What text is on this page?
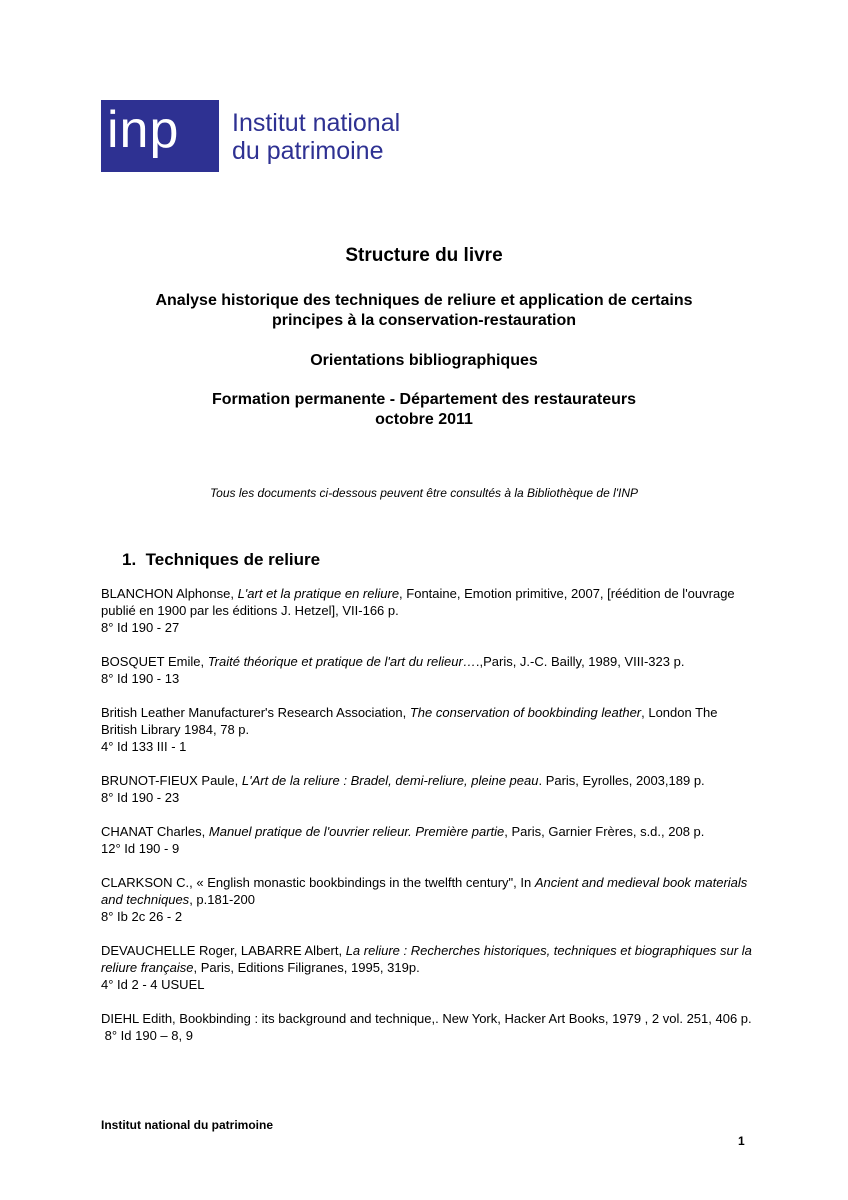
inp	Institut national
du patrimoine
Structure du livre
Analyse historique des techniques de reliure et application de certains
principes à la conservation-restauration
Orientations bibliographiques
Formation permanente - Département des restaurateurs
octobre 2011
Tous les documents ci-dessous peuvent être consultés à la Bibliothèque de l'INP
1. Techniques de reliure
BLANCHON Alphonse, L'art et la pratique en reliure, Fontaine, Emotion primitive, 2007, [réédition de l'ouvrage publié en 1900 par les éditions J. Hetzel], VII-166 p.
8° Id 190 - 27
BOSQUET Emile, Traité théorique et pratique de l'art du relieur….,Paris, J.-C. Bailly, 1989, VIII-323 p.
8° Id 190 - 13
British Leather Manufacturer's Research Association, The conservation of bookbinding leather, London The British Library 1984, 78 p.
4° Id 133 III - 1
BRUNOT-FIEUX Paule, L'Art de la reliure : Bradel, demi-reliure, pleine peau. Paris, Eyrolles, 2003,189 p.
8° Id 190 - 23
CHANAT Charles, Manuel pratique de l'ouvrier relieur. Première partie, Paris, Garnier Frères, s.d., 208 p.
12° Id 190 - 9
CLARKSON C., « English monastic bookbindings in the twelfth century", In Ancient and medieval book materials and techniques, p.181-200
8° Ib 2c 26 - 2
DEVAUCHELLE Roger, LABARRE Albert, La reliure : Recherches historiques, techniques et biographiques sur la reliure française, Paris, Editions Filigranes, 1995, 319p.
4° Id 2 - 4 USUEL
DIEHL Edith, Bookbinding : its background and technique,. New York, Hacker Art Books, 1979 , 2 vol. 251, 406 p.
8° Id 190 – 8, 9
Institut national du patrimoine
1
